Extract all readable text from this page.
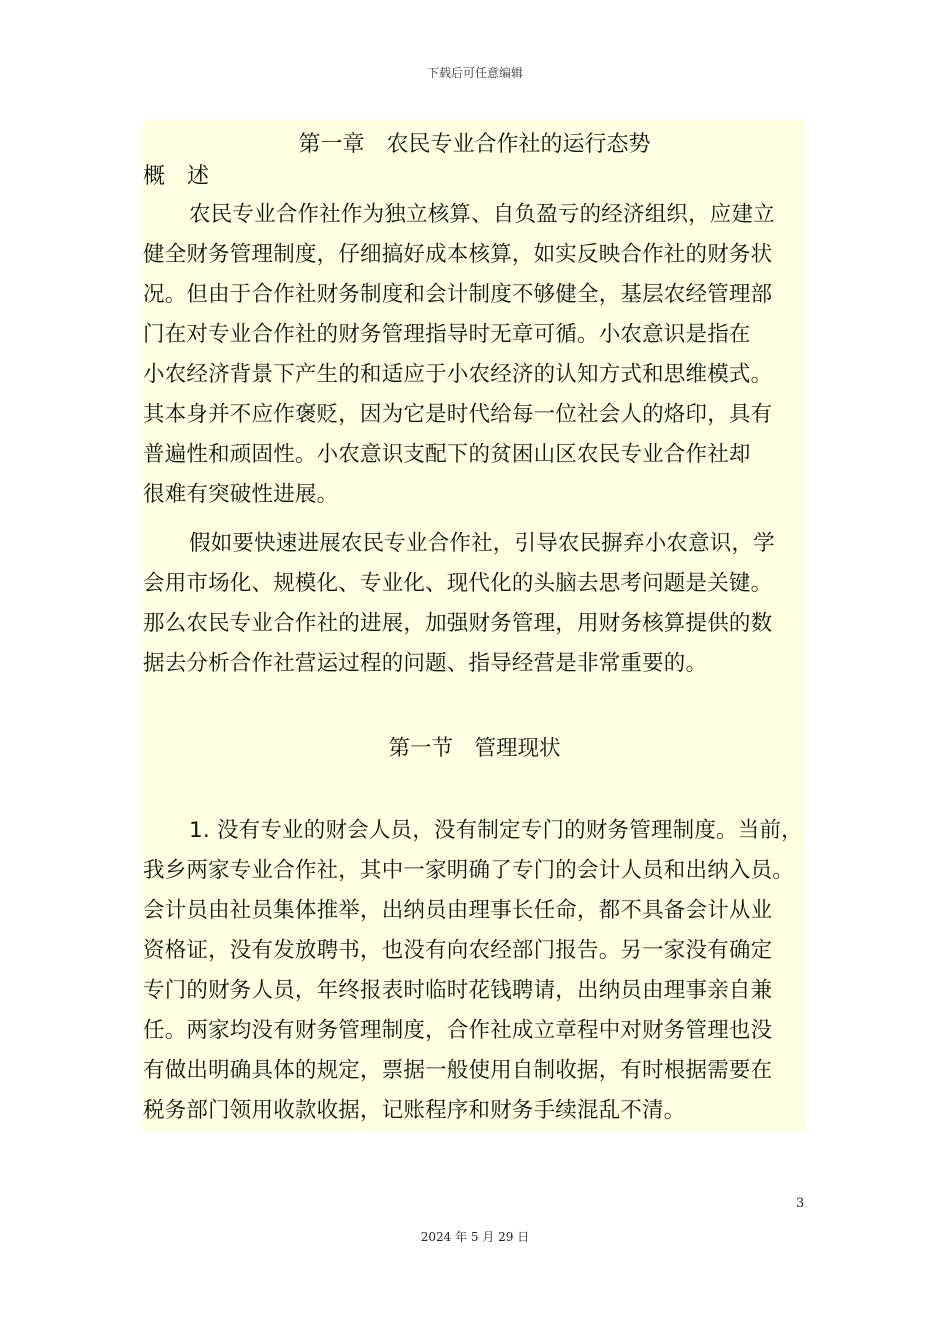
下载后可任意编辑
第一章　农民专业合作社的运行态势
概　述
农民专业合作社作为独立核算、自负盈亏的经济组织，应建立
健全财务管理制度，仔细搞好成本核算，如实反映合作社的财务状
况。但由于合作社财务制度和会计制度不够健全，基层农经管理部
门在对专业合作社的财务管理指导时无章可循。小农意识是指在
小农经济背景下产生的和适应于小农经济的认知方式和思维模式。
其本身并不应作褒贬，因为它是时代给每一位社会人的烙印，具有
普遍性和顽固性。小农意识支配下的贫困山区农民专业合作社却
很难有突破性进展。
假如要快速进展农民专业合作社，引导农民摒弃小农意识，学
会用市场化、规模化、专业化、现代化的头脑去思考问题是关键。
那么农民专业合作社的进展，加强财务管理，用财务核算提供的数
据去分析合作社营运过程的问题、指导经营是非常重要的。
第一节　管理现状
1. 没有专业的财会人员，没有制定专门的财务管理制度。当前，
我乡两家专业合作社，其中一家明确了专门的会计人员和出纳入员。
会计员由社员集体推举，出纳员由理事长任命，都不具备会计从业
资格证，没有发放聘书，也没有向农经部门报告。另一家没有确定
专门的财务人员，年终报表时临时花钱聘请，出纳员由理事亲自兼
任。两家均没有财务管理制度，合作社成立章程中对财务管理也没
有做出明确具体的规定，票据一般使用自制收据，有时根据需要在
税务部门领用收款收据，记账程序和财务手续混乱不清。
3
2024 年 5 月 29 日
